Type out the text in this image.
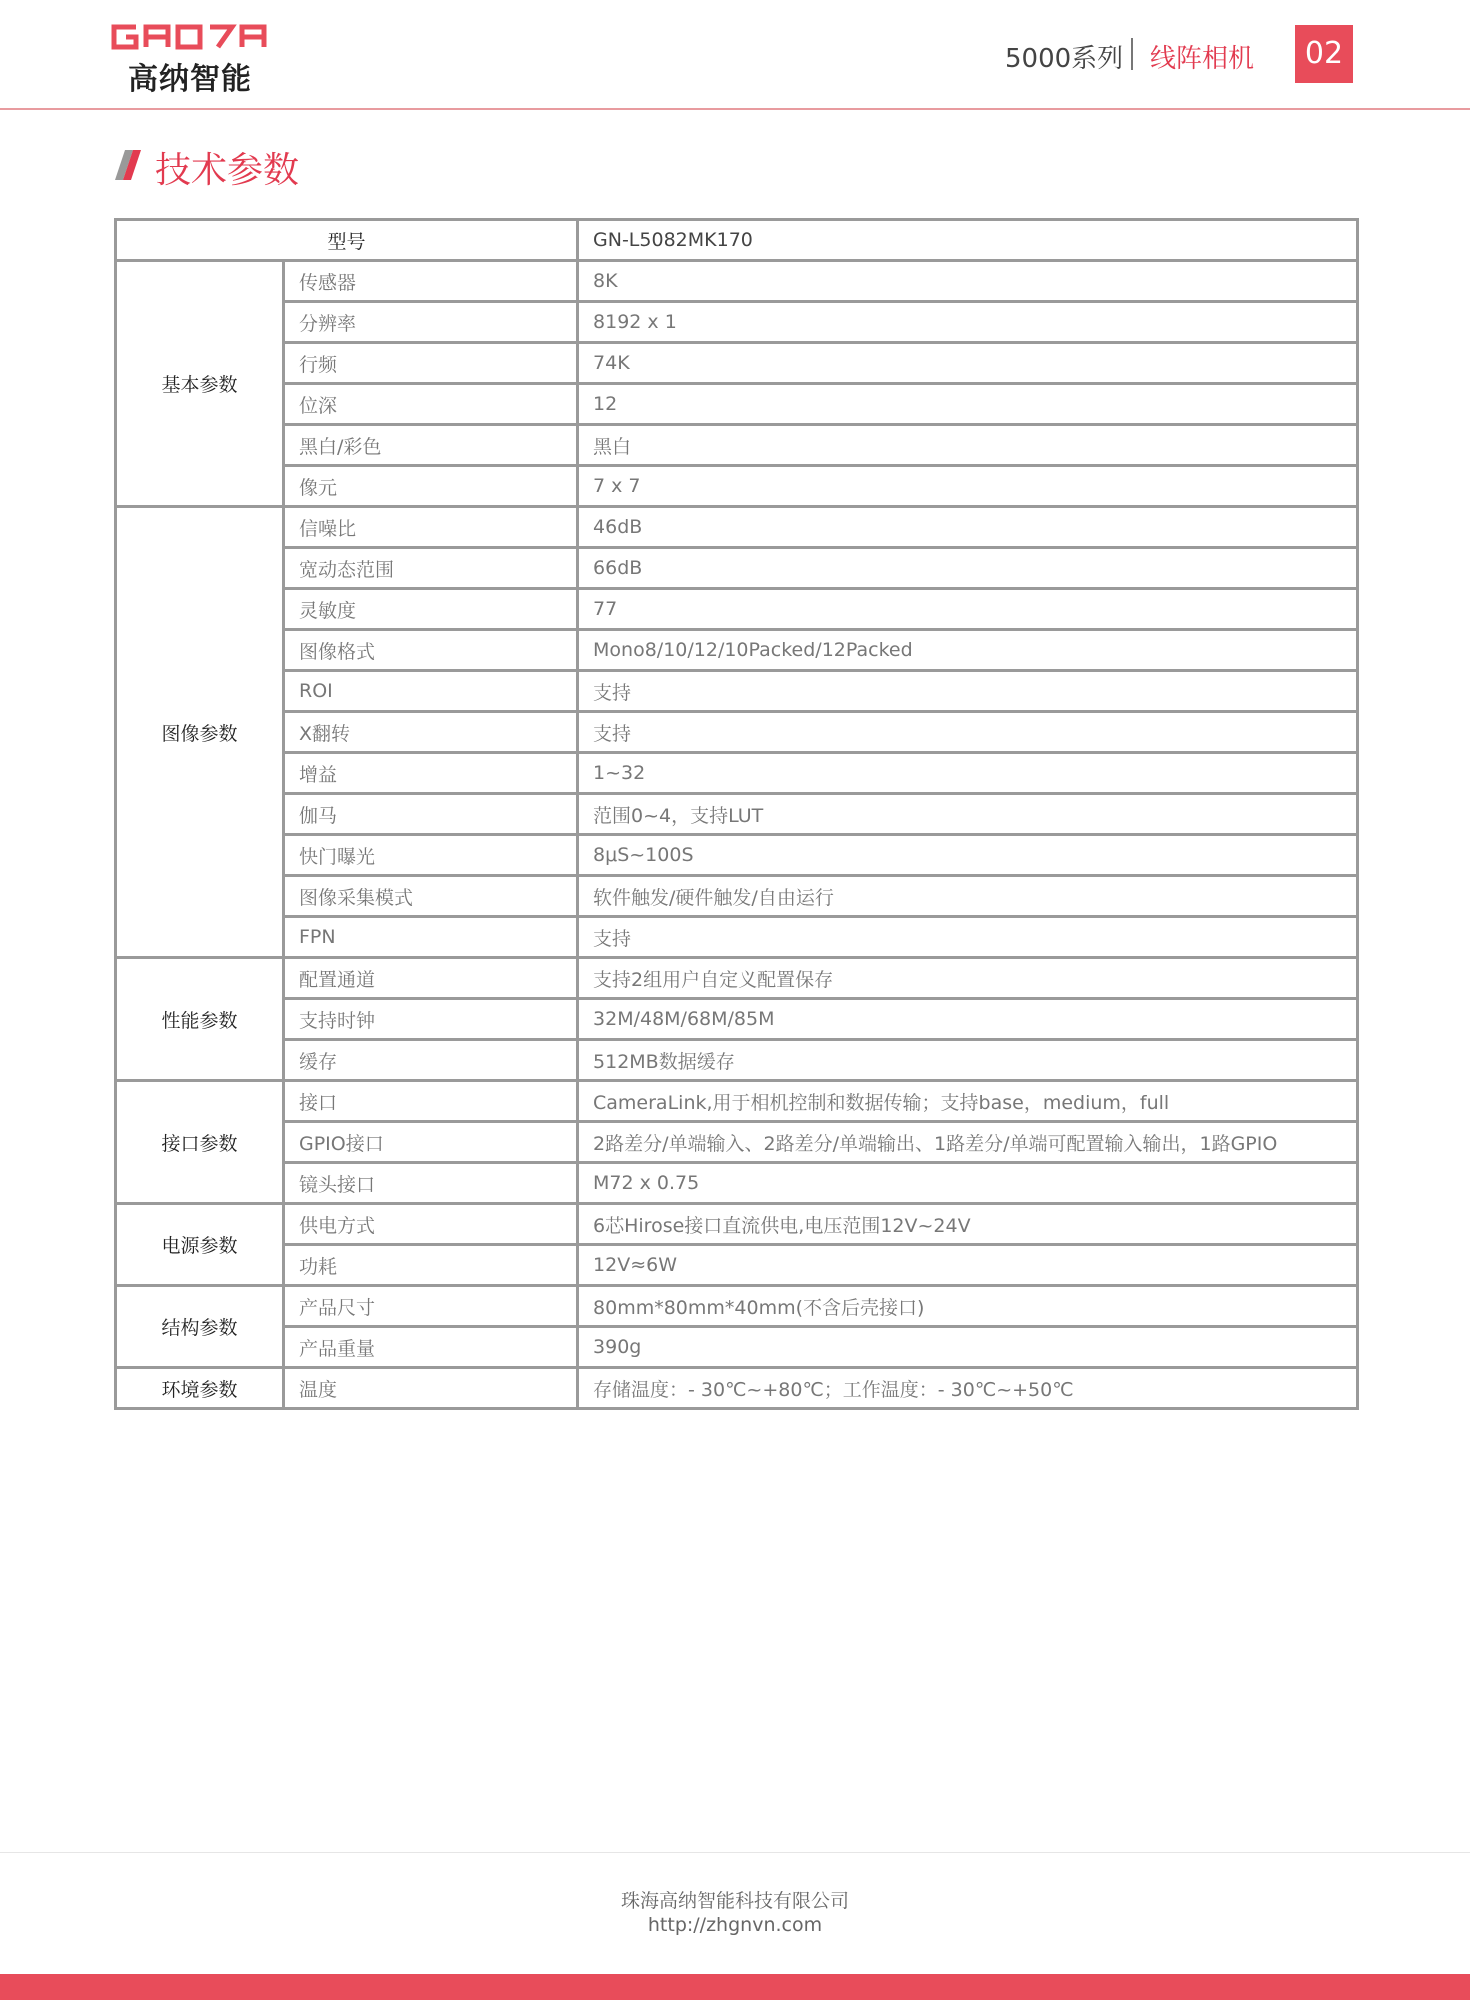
高纳智能
5000系列 线阵相机	02
技术参数
型号		GN-L5082MK170
基本参数	传感器	8K
	分辨率	8192 x 1
	行频	74K
	位深	12
	黑白/彩色	黑白
	像元	7 x 7
图像参数	信噪比	46dB
	宽动态范围	66dB
	灵敏度	77
	图像格式	Mono8/10/12/10Packed/12Packed
	ROI	支持
	X翻转	支持
	增益	1~32
	伽马	范围0~4，支持LUT
	快门曝光	8μS~100S
	图像采集模式	软件触发/硬件触发/自由运行
	FPN	支持
性能参数	配置通道	支持2组用户自定义配置保存
	支持时钟	32M/48M/68M/85M
	缓存	512MB数据缓存
接口参数	接口	CameraLink,用于相机控制和数据传输；支持base，medium，full
	GPIO接口	2路差分/单端输入、2路差分/单端输出、1路差分/单端可配置输入输出，1路GPIO
	镜头接口	M72 x 0.75
电源参数	供电方式	6芯Hirose接口直流供电,电压范围12V~24V
	功耗	12V≈6W
结构参数	产品尺寸	80mm*80mm*40mm(不含后壳接口)
	产品重量	390g
环境参数	温度	存储温度：- 30℃~+80℃；工作温度：- 30℃~+50℃
珠海高纳智能科技有限公司
http://zhgnvn.com
